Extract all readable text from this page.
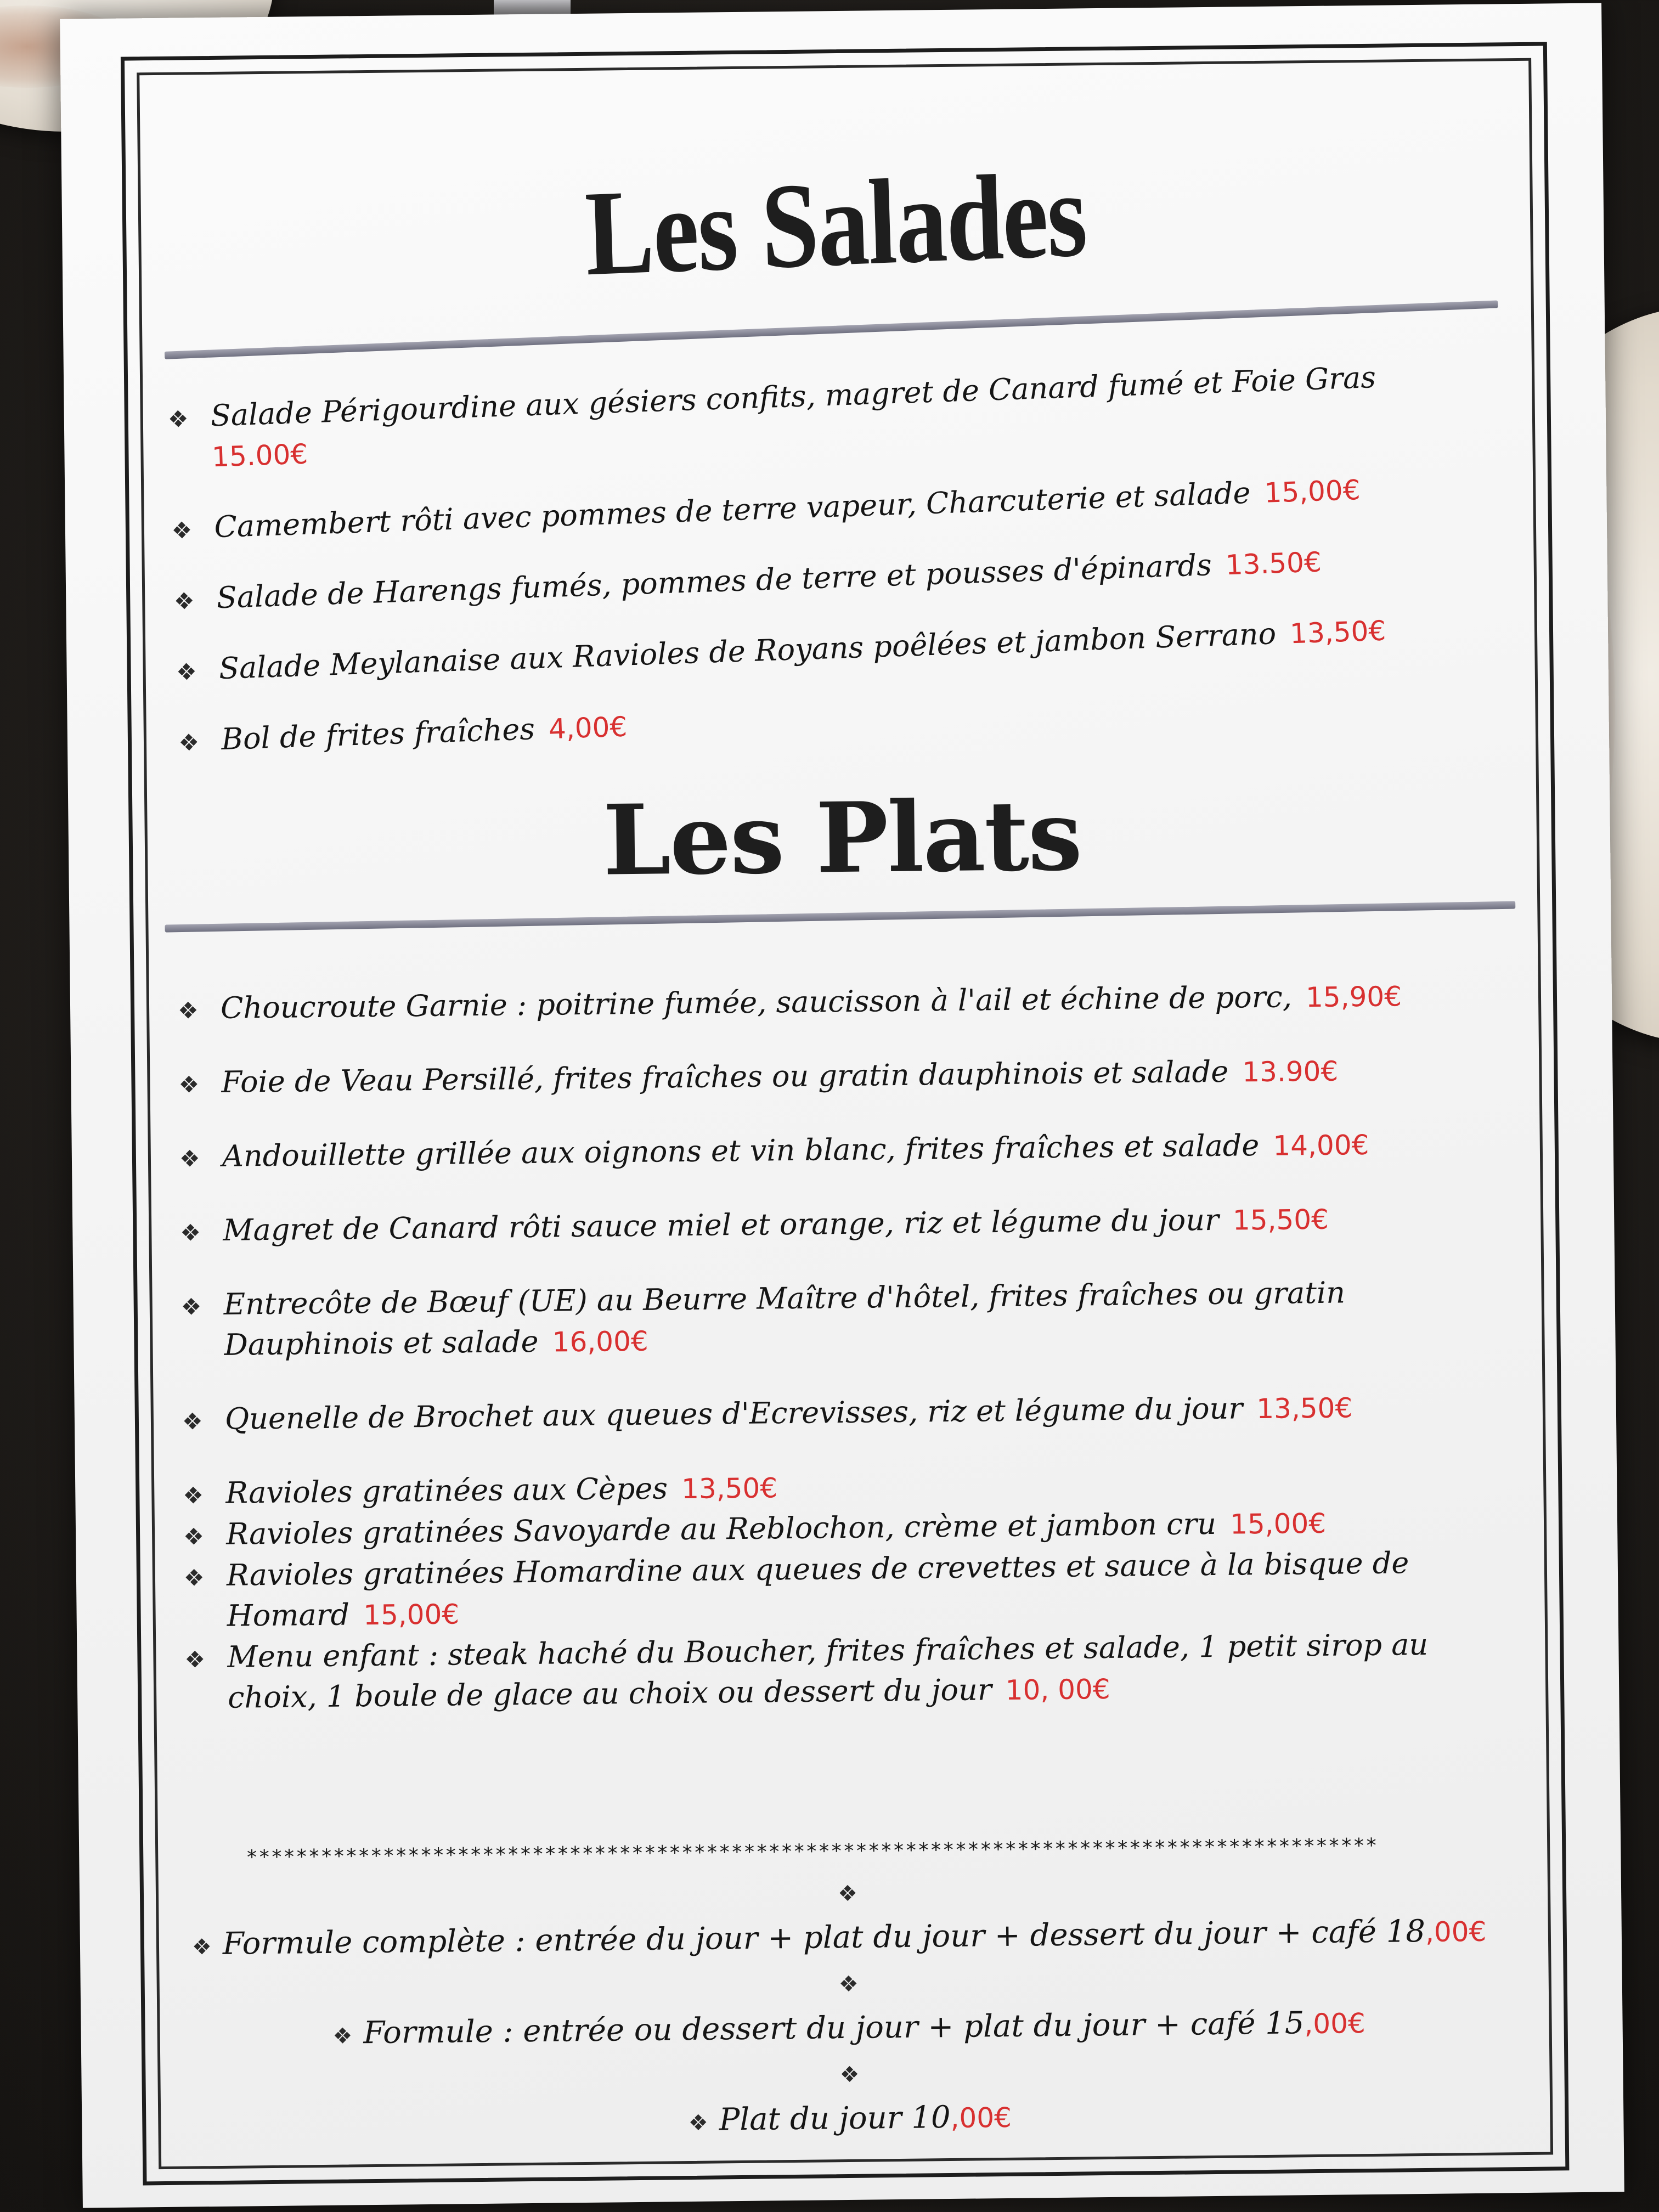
Les Salades
❖ Salade Périgourdine aux gésiers confits, magret de Canard fumé et Foie Gras
15.00€
❖ Camembert rôti avec pommes de terre vapeur, Charcuterie et salade 15,00€
❖ Salade de Harengs fumés, pommes de terre et pousses d'épinards 13.50€
❖ Salade Meylanaise aux Ravioles de Royans poêlées et jambon Serrano 13,50€
❖ Bol de frites fraîches 4,00€
Les Plats
❖ Choucroute Garnie : poitrine fumée, saucisson à l'ail et échine de porc, 15,90€
❖ Foie de Veau Persillé, frites fraîches ou gratin dauphinois et salade 13.90€
❖ Andouillette grillée aux oignons et vin blanc, frites fraîches et salade 14,00€
❖ Magret de Canard rôti sauce miel et orange, riz et légume du jour 15,50€
❖ Entrecôte de Bœuf (UE) au Beurre Maître d'hôtel, frites fraîches ou gratin Dauphinois et salade 16,00€
❖ Quenelle de Brochet aux queues d'Ecrevisses, riz et légume du jour 13,50€
❖ Ravioles gratinées aux Cèpes 13,50€
❖ Ravioles gratinées Savoyarde au Reblochon, crème et jambon cru 15,00€
❖ Ravioles gratinées Homardine aux queues de crevettes et sauce à la bisque de Homard 15,00€
❖ Menu enfant : steak haché du Boucher, frites fraîches et salade, 1 petit sirop au choix, 1 boule de glace au choix ou dessert du jour 10, 00€
*******************************************************************************************
❖
❖ Formule complète : entrée du jour + plat du jour + dessert du jour + café 18,00€
❖
❖ Formule : entrée ou dessert du jour + plat du jour + café 15,00€
❖
❖ Plat du jour 10,00€
